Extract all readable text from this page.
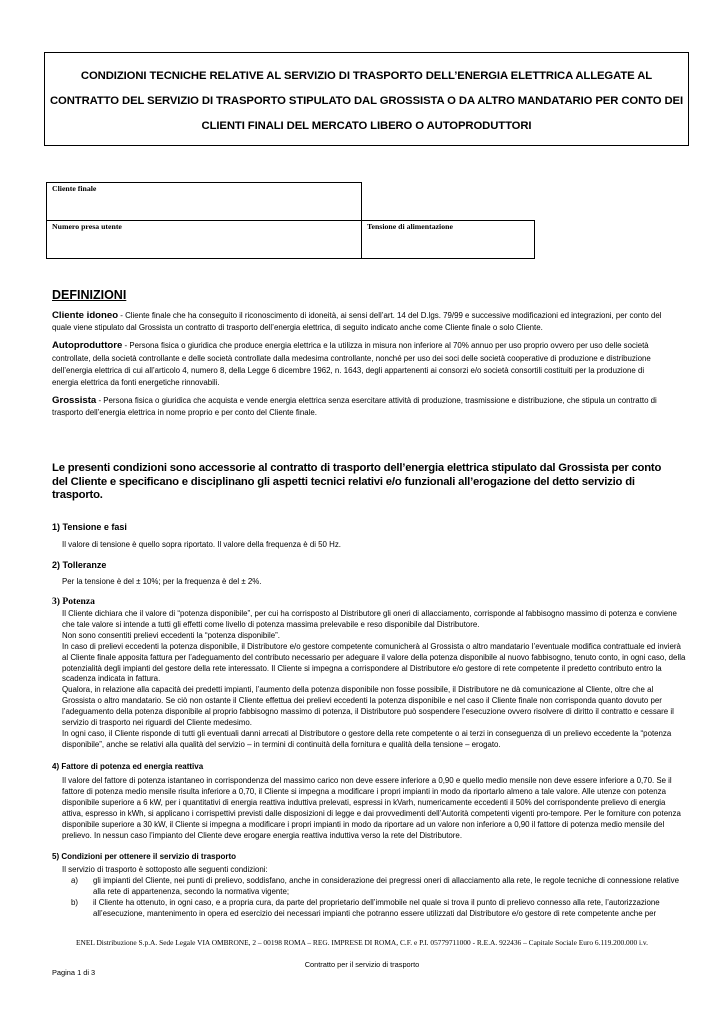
CONDIZIONI TECNICHE RELATIVE AL SERVIZIO DI TRASPORTO DELL’ENERGIA ELETTRICA ALLEGATE AL
CONTRATTO DEL SERVIZIO DI TRASPORTO STIPULATO DAL GROSSISTA O DA ALTRO MANDATARIO PER CONTO DEI
CLIENTI FINALI DEL MERCATO LIBERO O AUTOPRODUTTORI
Cliente finale
Numero presa utente	Tensione di alimentazione
DEFINIZIONI

Cliente idoneo - Cliente finale che ha conseguito il riconoscimento di idoneità, ai sensi dell’art. 14 del D.lgs. 79/99 e successive modificazioni ed integrazioni, per conto del quale viene stipulato dal Grossista un contratto di trasporto dell’energia elettrica, di seguito indicato anche come Cliente finale o solo Cliente.

Autoproduttore - Persona fisica o giuridica che produce energia elettrica e la utilizza in misura non inferiore al 70% annuo per uso proprio ovvero per uso delle società controllate, della società controllante e delle società controllate dalla medesima controllante, nonché per uso dei soci delle società cooperative di produzione e distribuzione dell’energia elettrica di cui all’articolo 4, numero 8, della Legge 6 dicembre 1962, n. 1643, degli appartenenti ai consorzi e/o società consortili costituiti per la produzione di energia elettrica da fonti energetiche rinnovabili.

Grossista - Persona fisica o giuridica che acquista e vende energia elettrica senza esercitare attività di produzione, trasmissione e distribuzione, che stipula un contratto di trasporto dell’energia elettrica in nome proprio e per conto del Cliente finale.

Le presenti condizioni sono accessorie al contratto di trasporto dell’energia elettrica stipulato dal Grossista per conto del Cliente e specificano e disciplinano gli aspetti tecnici relativi e/o funzionali all’erogazione del detto servizio di trasporto.
1) Tensione e fasi
Il valore di tensione è quello sopra riportato. Il valore della frequenza è di 50 Hz.
2) Tolleranze
Per la tensione è del ± 10%; per la frequenza è del ± 2%.
3) Potenza

Il Cliente dichiara che il valore di “potenza disponibile”, per cui ha corrisposto al Distributore gli oneri di allacciamento, corrisponde al fabbisogno massimo di potenza e conviene che tale valore si intende a tutti gli effetti come livello di potenza massima prelevabile e reso disponibile dal Distributore.

Non sono consentiti prelievi eccedenti la “potenza disponibile”.

In caso di prelievi eccedenti la potenza disponibile, il Distributore e/o gestore competente comunicherà al Grossista o altro mandatario l’eventuale modifica contrattuale ed invierà al Cliente finale apposita fattura per l’adeguamento del contributo necessario per adeguare il valore della potenza disponibile al nuovo fabbisogno, tenuto conto, in ogni caso, della potenzialità degli impianti del gestore della rete interessato. Il Cliente si impegna a corrispondere al Distributore e/o gestore di rete competente il predetto contributo entro la scadenza indicata in fattura.

Qualora, in relazione alla capacità dei predetti impianti, l’aumento della potenza disponibile non fosse possibile, il Distributore ne dà comunicazione al Cliente, oltre che al Grossista o altro mandatario. Se ciò non ostante il Cliente effettua dei prelievi eccedenti la potenza disponibile e nel caso il Cliente finale non corrisponda quanto dovuto per l’adeguamento della potenza disponibile al proprio fabbisogno massimo di potenza, il Distributore può sospendere l’esecuzione ovvero risolvere di diritto il contratto e cessare il servizio di trasporto nei riguardi del Cliente medesimo.

In ogni caso, il Cliente risponde di tutti gli eventuali danni arrecati al Distributore o gestore della rete competente o ai terzi in conseguenza di un prelievo eccedente la “potenza disponibile”, anche se relativi alla qualità del servizio – in termini di continuità della fornitura e qualità della tensione – erogato.

4) Fattore di potenza ed energia reattiva
Il valore del fattore di potenza istantaneo in corrispondenza del massimo carico non deve essere inferiore a 0,90 e quello medio mensile non deve essere inferiore a 0,70. Se il fattore di potenza medio mensile risulta inferiore a 0,70, il Cliente si impegna a modificare i propri impianti in modo da riportarlo almeno a tale valore. Alle utenze con potenza disponibile superiore a 6 kW, per i quantitativi di energia reattiva induttiva prelevati, espressi in kVarh, numericamente eccedenti il 50% del corrispondente prelievo di energia attiva, espresso in kWh, si applicano i corrispettivi previsti dalle disposizioni di legge e dai provvedimenti dell’Autorità competenti vigenti pro-tempore. Per le forniture con potenza disponibile superiore a 30 kW, il Cliente si impegna a modificare i propri impianti in modo da riportare ad un valore non inferiore a 0,90 il fattore di potenza medio mensile del prelievo. In nessun caso l’impianto del Cliente deve erogare energia reattiva induttiva verso la rete del Distributore.
5) Condizioni per ottenere il servizio di trasporto
Il servizio di trasporto è sottoposto alle seguenti condizioni:
a) gli impianti del Cliente, nei punti di prelievo, soddisfano, anche in considerazione dei pregressi oneri di allacciamento alla rete, le regole tecniche di connessione relative alla rete di appartenenza, secondo la normativa vigente;
b) il Cliente ha ottenuto, in ogni caso, e a propria cura, da parte del proprietario dell’immobile nel quale si trova il punto di prelievo connesso alla rete, l’autorizzazione all’esecuzione, mantenimento in opera ed esercizio dei necessari impianti che potranno essere utilizzati dal Distributore e/o gestore di rete competente anche per
ENEL Distribuzione S.p.A. Sede Legale VIA OMBRONE, 2 – 00198 ROMA – REG. IMPRESE DI ROMA, C.F. e P.I. 05779711000 - R.E.A. 922436 – Capitale Sociale Euro 6.119.200.000 i.v.
Contratto per il servizio di trasporto
Pagina 1 di 3
